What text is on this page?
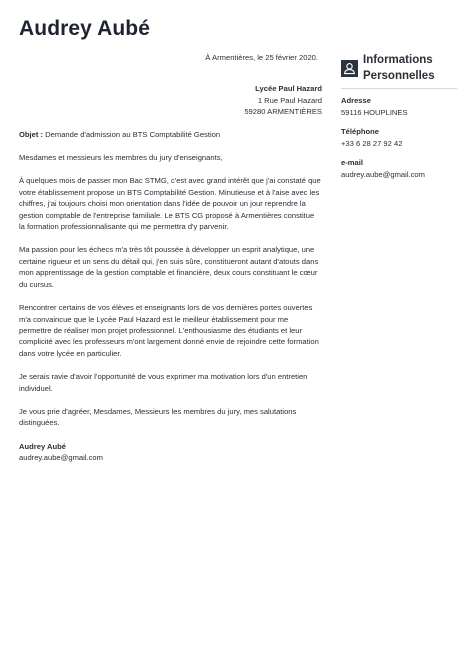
Audrey Aubé

À Armentières, le 25 février 2020.

Lycée Paul Hazard
1 Rue Paul Hazard
59280 ARMENTIÈRES

Objet : Demande d'admission au BTS Comptabilité Gestion

Mesdames et messieurs les membres du jury d'enseignants,

À quelques mois de passer mon Bac STMG, c'est avec grand intérêt que j'ai constaté que votre établissement propose un BTS Comptabilité Gestion. Minutieuse et à l'aise avec les chiffres, j'ai toujours choisi mon orientation dans l'idée de pouvoir un jour reprendre la gestion comptable de l'entreprise familiale. Le BTS CG proposé à Armentières constitue la formation professionnalisante qui me permettra d'y parvenir.

Ma passion pour les échecs m'a très tôt poussée à développer un esprit analytique, une certaine rigueur et un sens du détail qui, j'en suis sûre, constitueront autant d'atouts dans mon apprentissage de la gestion comptable et financière, deux cours constituant le cœur du cursus.

Rencontrer certains de vos élèves et enseignants lors de vos dernières portes ouvertes m'a convaincue que le Lycée Paul Hazard est le meilleur établissement pour me permettre de réaliser mon projet professionnel. L'enthousiasme des étudiants et leur complicité avec les professeurs m'ont largement donné envie de rejoindre cette formation dans votre lycée en particulier.

Je serais ravie d'avoir l'opportunité de vous exprimer ma motivation lors d'un entretien individuel.

Je vous prie d'agréer, Mesdames, Messieurs les membres du jury, mes salutations distinguées.

Audrey Aubé
audrey.aube@gmail.com
Informations
Personnelles
Adresse
59116 HOUPLINES
Téléphone
+33 6 28 27 92 42
e-mail
audrey.aube@gmail.com
